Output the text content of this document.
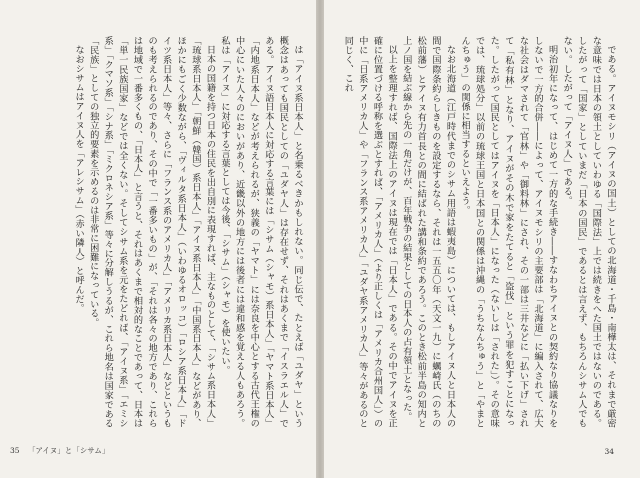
は「アイヌ系日本人」と名乗るべきかもしれない。同じ伝で、たとえば「ユダヤ」という概念はあっても国民としての「ユダヤ人」は存在せず、それはあくまで「イスラエル人」である。アイヌ語日本人に対応する言葉には「シサム（シャモ）系日本人」「ヤマト系日本人」「内地系日本人」などが考えられるが、狭義の「ヤマト」には奈良を中心とする古代王権の中心にいた人々のにおいがあり、近畿以外の地方には後者には違和感を覚える人もあろう。私は「アイヌ」に対応する言葉としては今後、「シサム」（シャモ）を使いたい。

日本の国籍を持つ日本の住民を出自別に表現すれば、主なものとして、「シサム系日本人」「琉球系日本人」「朝鮮（韓国）系日本人」「アイヌ系日本人」「中国系日本人」などがあり、ほかにもごく少数ながら、「ヴィルタ系日本人」（いわゆるオロッコ）「ロシア系日本人」「ドイツ系日本人」等々、さらに「フランス系のアメリカ人」「アメリカ系日本人」などというものも考えられるのであり、その中で「一番多いもの」が、「それは各々の地方であり、これらは地域で一番多くもの、「日本人」と言うと、それはあくまで相対的なことであって、日本は「単一民族国家」などでは全くない。そしてシサム系を元をたどれば、「アイヌ系」「エミシ系」「クマソ系」「シナ系」「ミクロネシア系」等々に分解しうるが、これら地名は国家である「民族」としての独立的要素を示めるのは非常に困難になっている。

なおシサムはアイヌ人を「アレシサム」（赤い隣人）と呼んだ。

35 「アイヌ」と「シサム」

である。アイヌモシリ（アイヌの国土）としての北海道・千島・南樺太は、それまで厳密な意味では日本の領土としていわゆる「国際法」上では続きをへた国土ではないのである。したがって「国家」としていまだ「日本の国民」であるとは言えず、もちろんシサム人でもない。したがって「アイヌ人」である。

明治初年になって、はじめて一方的な手続き――すなわちアイヌとの契約なり協議なりをしないで一方的合併――によって、アイヌモシリの主要部は「北海道」に編入されて、広大な社会はダマされて「官林」や「御料林」にされ、その一部は三井などに「払い下げ」されて「私有林」となり、アイヌがその木で家をたてると「盗伐」という罪を犯すことになった。したがって国民としてはアイヌを「日本人」になった（ないしは「された」）。その意味では、琉球処分」以前の琉球王国と日本国との関係は沖縄の「うちなんちゅう」と「やまとんちゅう」の関係に相当するといえよう。

なお北海道（江戸時代までのシサム用語は蝦夷島）については、もしアイヌ人と日本人の間で国際条約らしきものを設定するなら、それは一五五〇年（天文一九）に蠣崎氏（のちの松前藩）とアイヌ有力首長との間に結ばれた講和条約であろう。このとき松前半島の知内と上ノ国を結ぶ線から先の一角だけが、百年戦争の結果としての日本人の占有領土となった。

以上を整理すれば、国際法上のアイヌは現在では「日本人」である。その中でアイヌを正確に位置づける呼称を選ぶとすれば、「アメリカ人」（より正しくは「アメリカ合州国人」）の中に「日系アメリカ人」や「フランス系アメリカ人」「ユダヤ系アメリカ人」等々があるのと同じく、これ

34
